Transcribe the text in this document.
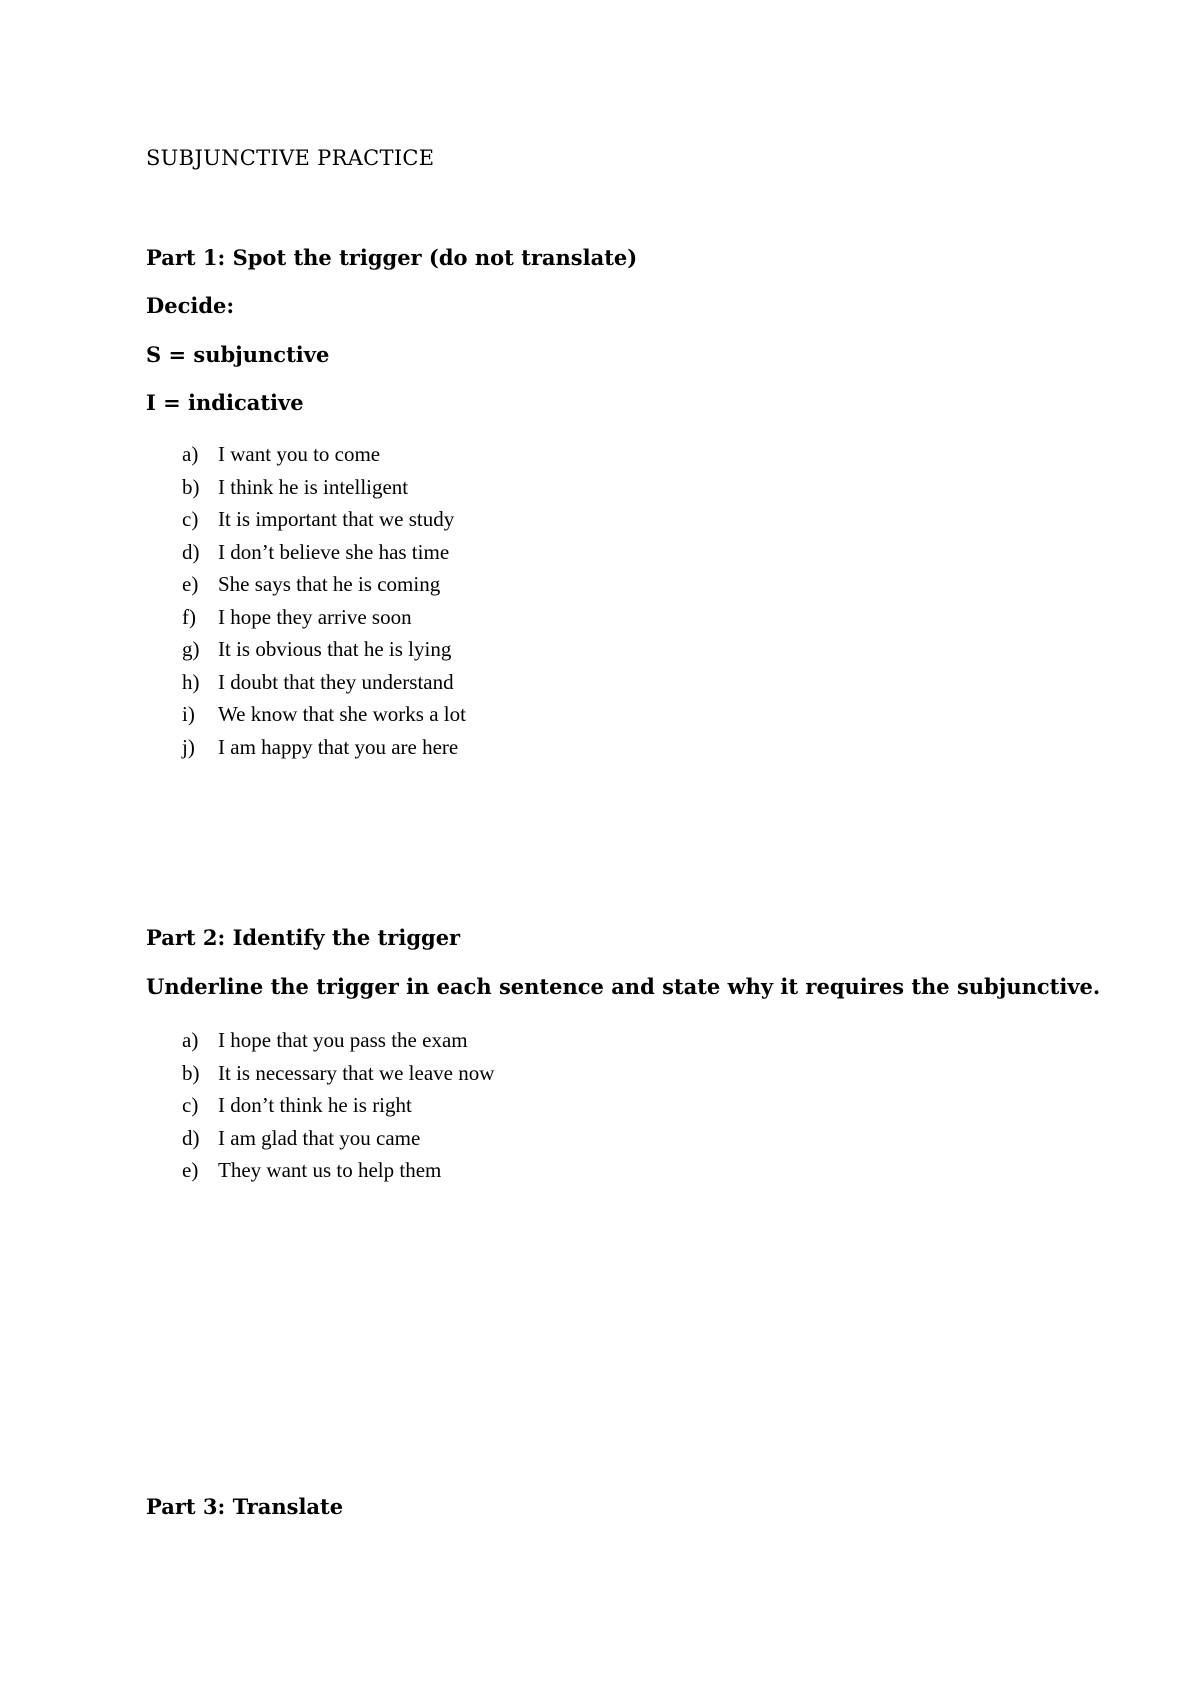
SUBJUNCTIVE PRACTICE
Part 1: Spot the trigger (do not translate)
Decide:
S = subjunctive
I = indicative
a) I want you to come
b) I think he is intelligent
c) It is important that we study
d) I don’t believe she has time
e) She says that he is coming
f)	I hope they arrive soon
g) It is obvious that he is lying
h) I doubt that they understand
i)	We know that she works a lot
j)	I am happy that you are here
Part 2: Identify the trigger
Underline the trigger in each sentence and state why it requires the subjunctive.
a) I hope that you pass the exam
b) It is necessary that we leave now
c) I don’t think he is right
d) I am glad that you came
e) They want us to help them
Part 3: Translate
